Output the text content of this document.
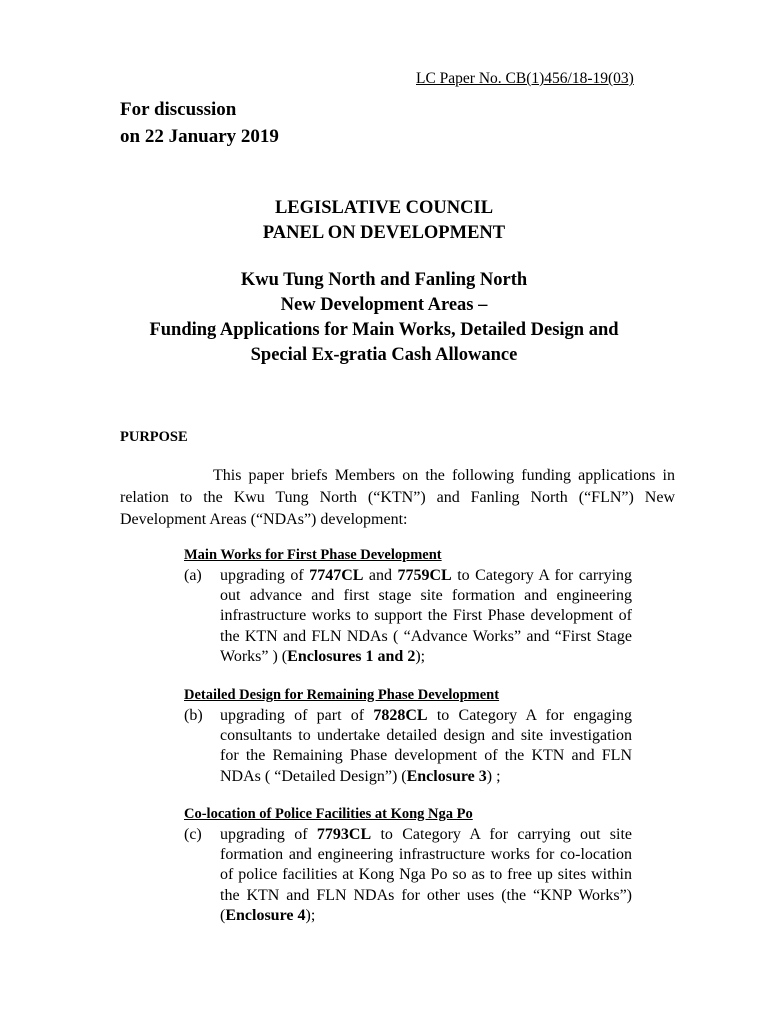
LC Paper No. CB(1)456/18-19(03)
For discussion
on 22 January 2019
LEGISLATIVE COUNCIL
PANEL ON DEVELOPMENT
Kwu Tung North and Fanling North
New Development Areas –
Funding Applications for Main Works, Detailed Design and
Special Ex-gratia Cash Allowance
PURPOSE
This paper briefs Members on the following funding applications in relation to the Kwu Tung North (“KTN”) and Fanling North (“FLN”) New Development Areas (“NDAs”) development:
Main Works for First Phase Development
(a) upgrading of 7747CL and 7759CL to Category A for carrying out advance and first stage site formation and engineering infrastructure works to support the First Phase development of the KTN and FLN NDAs ( “Advance Works” and “First Stage Works” ) (Enclosures 1 and 2);
Detailed Design for Remaining Phase Development
(b) upgrading of part of 7828CL to Category A for engaging consultants to undertake detailed design and site investigation for the Remaining Phase development of the KTN and FLN NDAs ( “Detailed Design”) (Enclosure 3) ;
Co-location of Police Facilities at Kong Nga Po
(c) upgrading of 7793CL to Category A for carrying out site formation and engineering infrastructure works for co-location of police facilities at Kong Nga Po so as to free up sites within the KTN and FLN NDAs for other uses (the “KNP Works”) (Enclosure 4);
